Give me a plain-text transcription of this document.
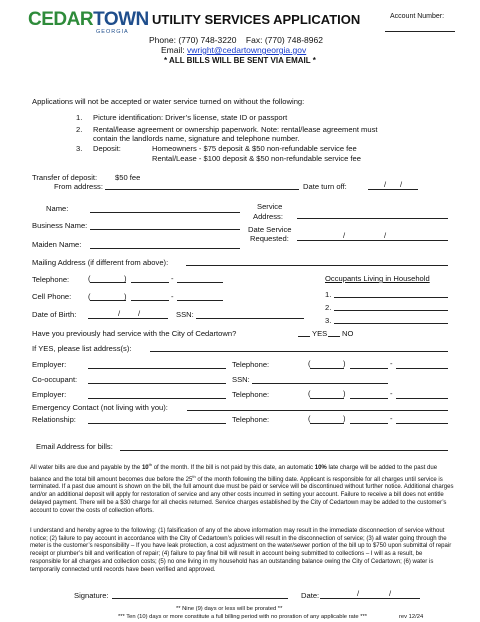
CEDARTOWN
GEORGIA
UTILITY SERVICES APPLICATION	Account Number:
Phone: (770) 748-3220 Fax: (770) 748-8962
Email: vwright@cedartowngeorgia.gov
* ALL BILLS WILL BE SENT VIA EMAIL *
Applications will not be accepted or water service turned on without the following:
1. Picture identification: Driver’s license, state ID or passport
2. Rental/lease agreement or ownership paperwork. Note: rental/lease agreement must
contain the landlords name, signature and telephone number.
3. Deposit:	Homeowners - $75 deposit & $50 non-refundable service fee
Rental/Lease - $100 deposit & $50 non-refundable service fee
Transfer of deposit: $50 fee
From address:	Date turn off:	/ /
Name:
Business Name:
Maiden Name:
Service
Address:
Date Service
Requested:	/	/
Mailing Address (if different from above):
Telephone: (	)	-
Cell Phone: (	)	-
Date of Birth:	/ /	SSN:
Occupants Living in Household
1.
2.
3.
Have you previously had service with the City of Cedartown?	YES NO
If YES, please list address(s):
Employer:	Telephone:	(	)	-
Co-occupant:	SSN:
Employer:	Telephone:	(	)	-
Emergency Contact (not living with you):
Relationship:	Telephone:	(	)	-
Email Address for bills:
All water bills are due and payable by the 10th of the month. If the bill is not paid by this date, an automatic 10% late charge will be added to the past due balance and the total bill amount becomes due before the 25th of the month following the billing date. Applicant is responsible for all charges until service is terminated. If a past due amount is shown on the bill, the full amount due must be paid or service will be discontinued without further notice. Additional charges and/or an additional deposit will apply for restoration of service and any other costs incurred in setting your account. Failure to receive a bill does not entitle delayed payment. There will be a $30 charge for all checks returned. Service charges established by the City of Cedartown may be added to the customer’s account to cover the costs of collection efforts.
I understand and hereby agree to the following: (1) falsification of any of the above information may result in the immediate disconnection of service without notice; (2) failure to pay account in accordance with the City of Cedartown’s policies will result in the disconnection of service; (3) all water going through the meter is the customer’s responsibility – If you have leak protection, a cost adjustment on the water/sewer portion of the bill up to $750 upon submittal of repair receipt or plumber’s bill and verification of repair; (4) failure to pay final bill will result in account being submitted to collections – I will as a result, be responsible for all charges and collection costs; (5) no one living in my household has an outstanding balance owing the City of Cedartown; (6) water is temporarily connected until records have been verified and approved.
Signature:	Date:	/	/
** Nine (9) days or less will be prorated **
*** Ten (10) days or more constitute a full billing period with no proration of any applicable rate ***	rev 12/24
